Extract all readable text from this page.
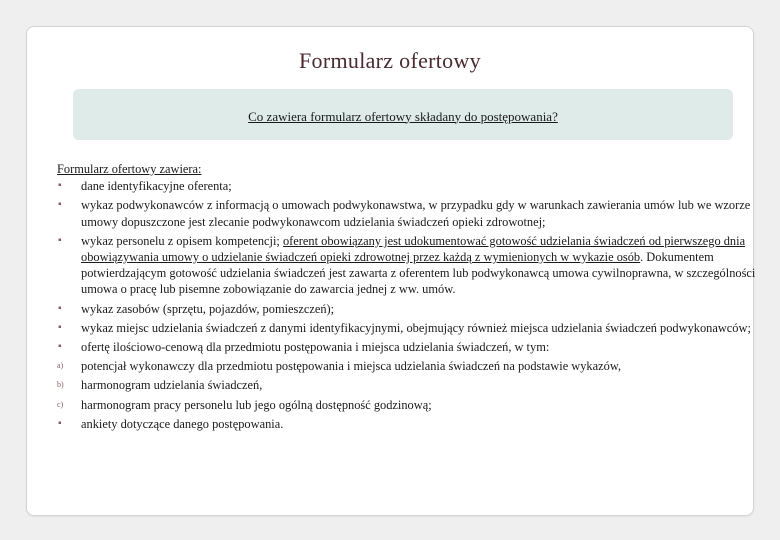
Formularz ofertowy
Co zawiera formularz ofertowy składany do postępowania?
Formularz ofertowy zawiera:
▪	dane identyfikacyjne oferenta;
▪	wykaz podwykonawców z informacją o umowach podwykonawstwa, w przypadku gdy w warunkach zawierania umów lub we wzorze umowy dopuszczone jest zlecanie podwykonawcom udzielania świadczeń opieki zdrowotnej;
▪	wykaz personelu z opisem kompetencji; oferent obowiązany jest udokumentować gotowość udzielania świadczeń od pierwszego dnia obowiązywania umowy o udzielanie świadczeń opieki zdrowotnej przez każdą z wymienionych w wykazie osób. Dokumentem potwierdzającym gotowość udzielania świadczeń jest zawarta z oferentem lub podwykonawcą umowa cywilnoprawna, w szczególności umowa o pracę lub pisemne zobowiązanie do zawarcia jednej z ww. umów.
▪	wykaz zasobów (sprzętu, pojazdów, pomieszczeń);
▪	wykaz miejsc udzielania świadczeń z danymi identyfikacyjnymi, obejmujący również miejsca udzielania świadczeń podwykonawców;
▪	ofertę ilościowo-cenową dla przedmiotu postępowania i miejsca udzielania świadczeń, w tym:
a)	potencjał wykonawczy dla przedmiotu postępowania i miejsca udzielania świadczeń na podstawie wykazów,
b)	harmonogram udzielania świadczeń,
c)	harmonogram pracy personelu lub jego ogólną dostępność godzinową;
▪	ankiety dotyczące danego postępowania.
